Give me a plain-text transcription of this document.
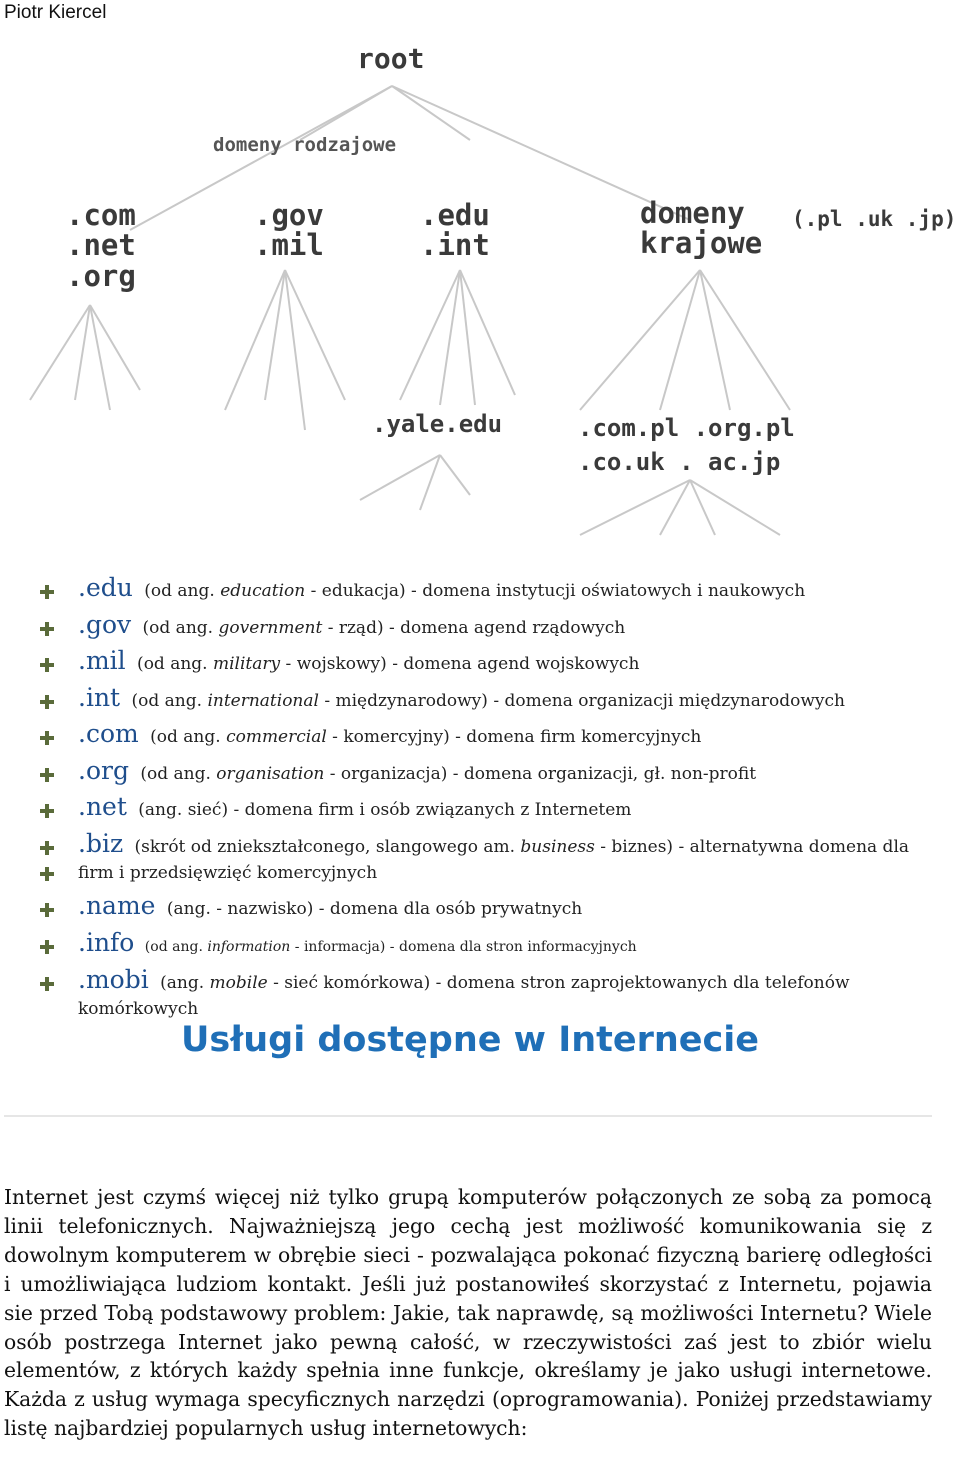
Piotr Kiercel
root
domeny rodzajowe
.com
.net
.org
.gov
.mil
.edu
.int
domeny
krajowe
(.pl .uk .jp)
.yale.edu	.com.pl .org.pl
.co.uk . ac.jp
.edu (od ang. education - edukacja) - domena instytucji oświatowych i naukowych
.gov (od ang. government - rząd) - domena agend rządowych
.mil (od ang. military - wojskowy) - domena agend wojskowych
.int (od ang. international - międzynarodowy) - domena organizacji międzynarodowych
.com (od ang. commercial - komercyjny) - domena firm komercyjnych
.org (od ang. organisation - organizacja) - domena organizacji, gł. non-profit
.net (ang. sieć) - domena firm i osób związanych z Internetem
.biz (skrót od zniekształconego, slangowego am. business - biznes) - alternatywna domena dla firm i przedsięwzięć komercyjnych
.name (ang. - nazwisko) - domena dla osób prywatnych
.info (od ang. information - informacja) - domena dla stron informacyjnych
.mobi (ang. mobile - sieć komórkowa) - domena stron zaprojektowanych dla telefonów komórkowych
Usługi dostępne w Internecie
Internet jest czymś więcej niż tylko grupą komputerów połączonych ze sobą za pomocą linii telefonicznych. Najważniejszą jego cechą jest możliwość komunikowania się z dowolnym komputerem w obrębie sieci - pozwalająca pokonać fizyczną barierę odległości i umożliwiająca ludziom kontakt. Jeśli już postanowiłeś skorzystać z Internetu, pojawia sie przed Tobą podstawowy problem: Jakie, tak naprawdę, są możliwości Internetu? Wiele osób postrzega Internet jako pewną całość, w rzeczywistości zaś jest to zbiór wielu elementów, z których każdy spełnia inne funkcje, określamy je jako usługi internetowe. Każda z usług wymaga specyficznych narzędzi (oprogramowania). Poniżej przedstawiamy listę najbardziej popularnych usług internetowych:
